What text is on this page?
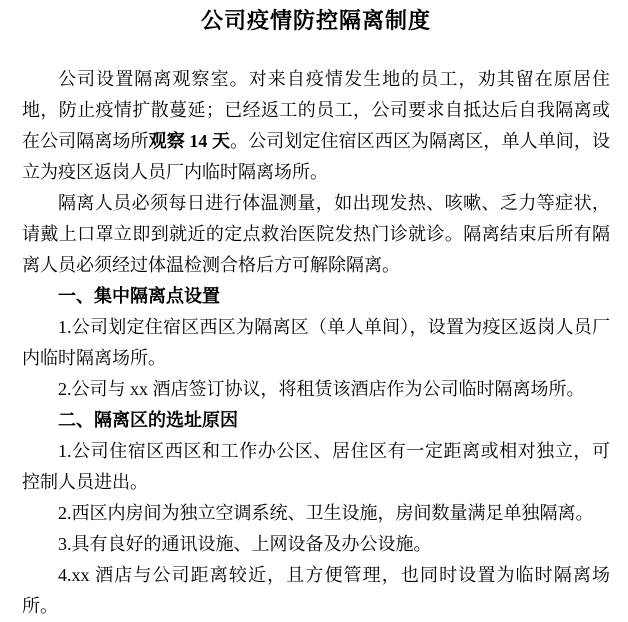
公司疫情防控隔离制度

公司设置隔离观察室。对来自疫情发生地的员工，劝其留在原居住地，防止疫情扩散蔓延；已经返工的员工，公司要求自抵达后自我隔离或在公司隔离场所观察 14 天。公司划定住宿区西区为隔离区，单人单间，设立为疫区返岗人员厂内临时隔离场所。

隔离人员必须每日进行体温测量，如出现发热、咳嗽、乏力等症状，请戴上口罩立即到就近的定点救治医院发热门诊就诊。隔离结束后所有隔离人员必须经过体温检测合格后方可解除隔离。

一、集中隔离点设置

1.公司划定住宿区西区为隔离区（单人单间），设置为疫区返岗人员厂内临时隔离场所。

2.公司与 xx 酒店签订协议，将租赁该酒店作为公司临时隔离场所。

二、隔离区的选址原因

1.公司住宿区西区和工作办公区、居住区有一定距离或相对独立，可控制人员进出。

2.西区内房间为独立空调系统、卫生设施，房间数量满足单独隔离。

3.具有良好的通讯设施、上网设备及办公设施。

4.xx 酒店与公司距离较近，且方便管理，也同时设置为临时隔离场所。
